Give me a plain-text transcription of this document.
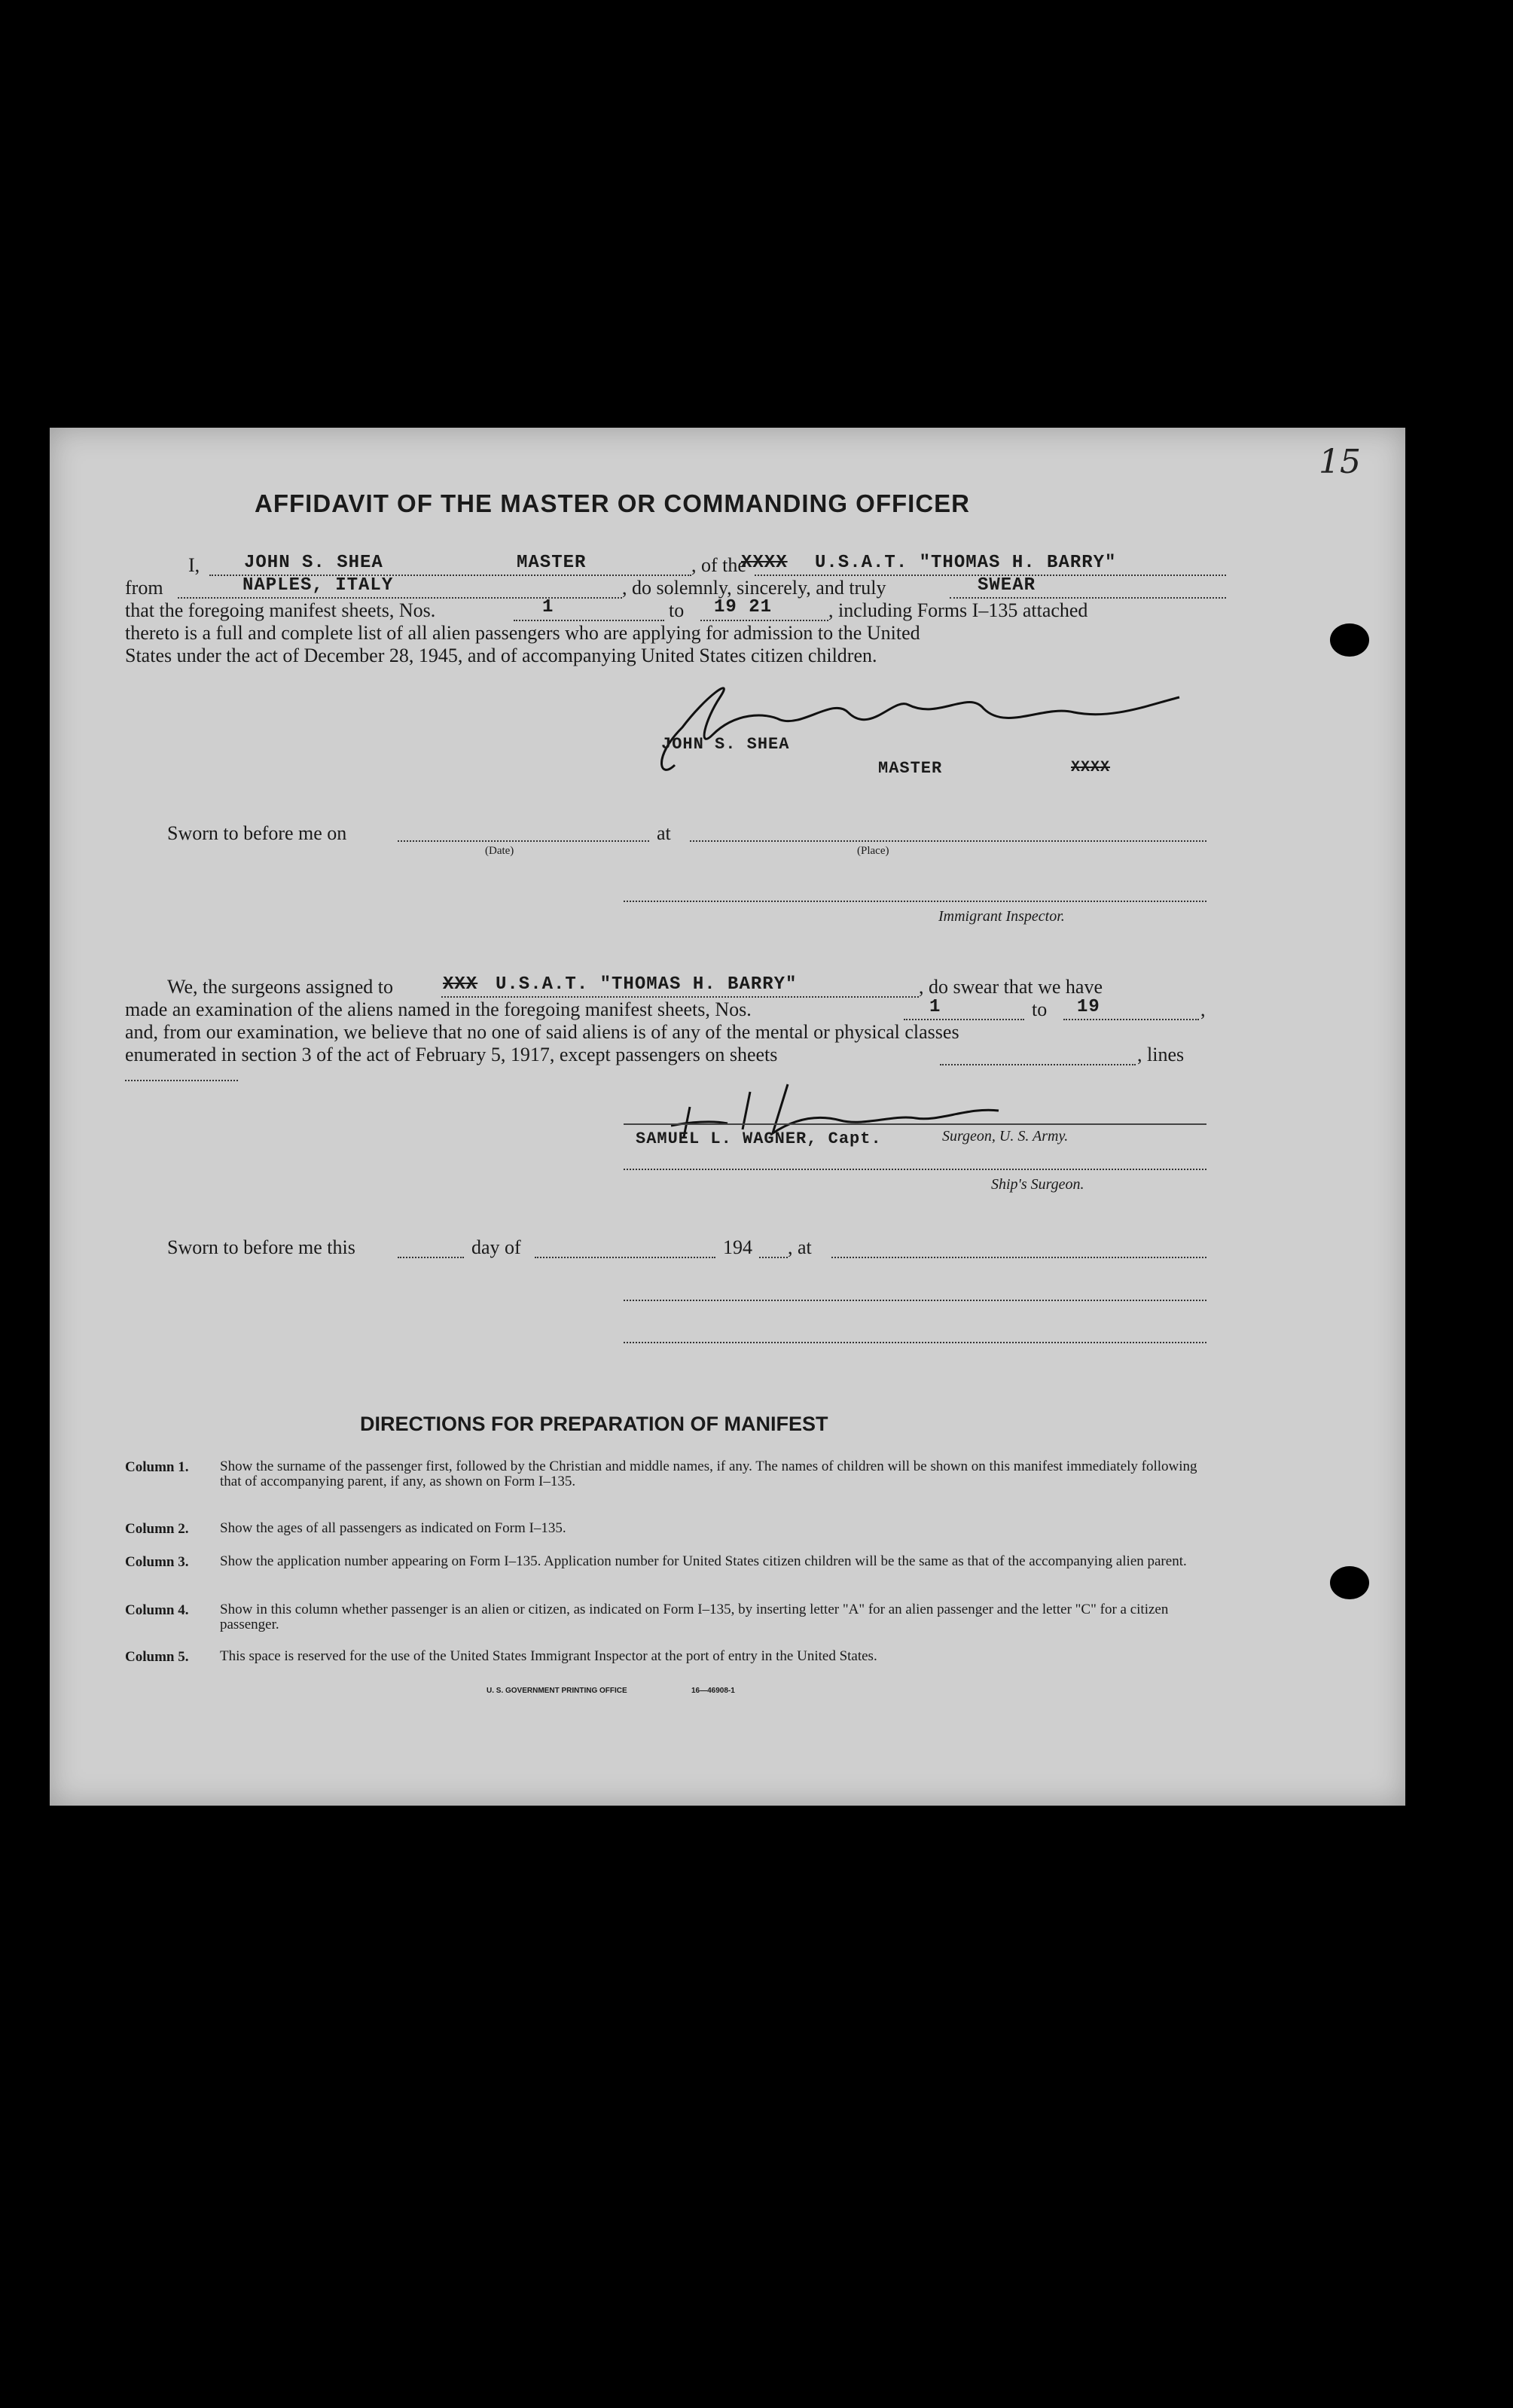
15
AFFIDAVIT OF THE MASTER OR COMMANDING OFFICER
I, JOHN S. SHEA	MASTER	, of the
XXXX U.S.A.T. "THOMAS H. BARRY"
from	NAPLES, ITALY	, do solemnly, sincerely, and truly	SWEAR
that the foregoing manifest sheets, Nos.	1	to 19 21	, including Forms I–135 attached
thereto is a full and complete list of all alien passengers who are applying for admission to the United
States under the act of December 28, 1945, and of accompanying United States citizen children.
JOHN S. SHEA
MASTER	XXXX
Sworn to before me on	at
(Date)	(Place)
Immigrant Inspector.
We, the surgeons assigned to	XXX U.S.A.T. "THOMAS H. BARRY"	, do swear that we have
made an examination of the aliens named in the foregoing manifest sheets, Nos.	1	to 19	,
and, from our examination, we believe that no one of said aliens is of any of the mental or physical classes
enumerated in section 3 of the act of February 5, 1917, except passengers on sheets	, lines
SAMUEL L. WAGNER, Capt.	Surgeon, U. S. Army.
Ship's Surgeon.
Sworn to before me this	day of	194 , at
DIRECTIONS FOR PREPARATION OF MANIFEST
Column 1. Show the surname of the passenger first, followed by the Christian and middle names, if any. The names of children will be shown on this manifest immediately following that of accompanying parent, if any, as shown on Form I–135.
Column 2. Show the ages of all passengers as indicated on Form I–135.
Column 3. Show the application number appearing on Form I–135. Application number for United States citizen children will be the same as that of the accompanying alien parent.
Column 4. Show in this column whether passenger is an alien or citizen, as indicated on Form I–135, by inserting letter "A" for an alien passenger and the letter "C" for a citizen passenger.
Column 5. This space is reserved for the use of the United States Immigrant Inspector at the port of entry in the United States.
U. S. GOVERNMENT PRINTING OFFICE	16—46908-1
